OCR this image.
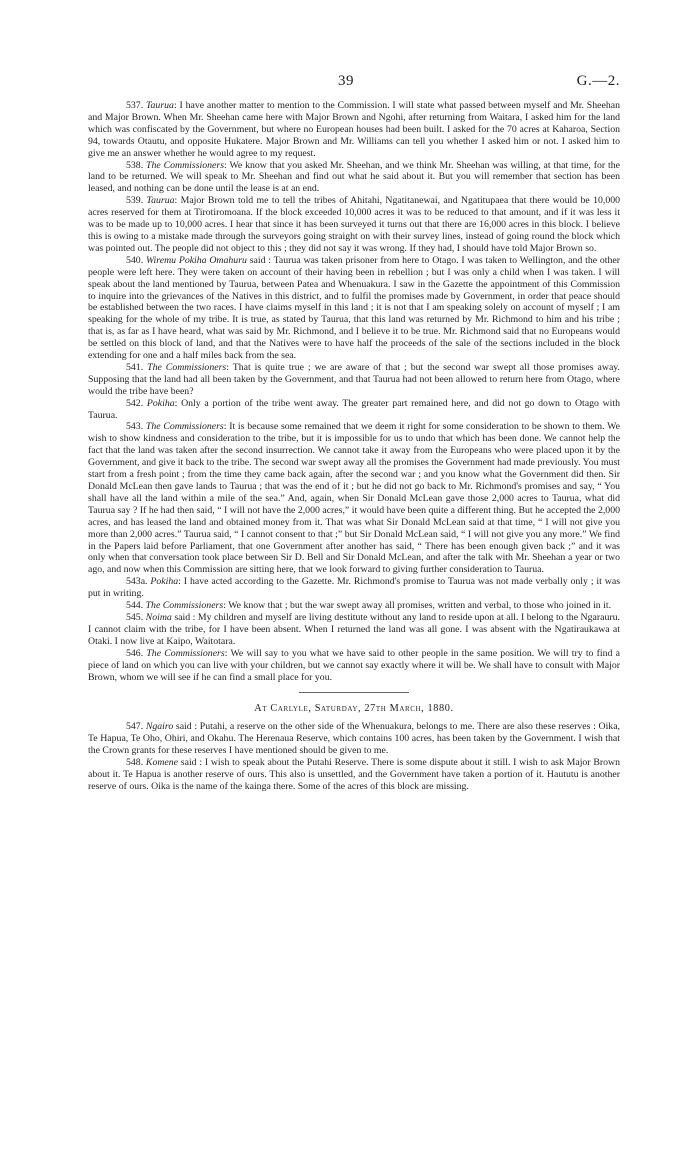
39	G.—2.

537. Taurua: I have another matter to mention to the Commission. I will state what passed between myself and Mr. Sheehan and Major Brown. When Mr. Sheehan came here with Major Brown and Ngohi, after returning from Waitara, I asked him for the land which was confiscated by the Government, but where no European houses had been built. I asked for the 70 acres at Kaharoa, Section 94, towards Otautu, and opposite Hukatere. Major Brown and Mr. Williams can tell you whether I asked him or not. I asked him to give me an answer whether he would agree to my request.

538. The Commissioners: We know that you asked Mr. Sheehan, and we think Mr. Sheehan was willing, at that time, for the land to be returned. We will speak to Mr. Sheehan and find out what he said about it. But you will remember that section has been leased, and nothing can be done until the lease is at an end.

539. Taurua: Major Brown told me to tell the tribes of Ahitahi, Ngatitanewai, and Ngatitupaea that there would be 10,000 acres reserved for them at Tirotiromoana. If the block exceeded 10,000 acres it was to be reduced to that amount, and if it was less it was to be made up to 10,000 acres. I hear that since it has been surveyed it turns out that there are 16,000 acres in this block. I believe this is owing to a mistake made through the surveyors going straight on with their survey lines, instead of going round the block which was pointed out. The people did not object to this ; they did not say it was wrong. If they had, I should have told Major Brown so.

540. Wiremu Pokiha Omahuru said : Taurua was taken prisoner from here to Otago. I was taken to Wellington, and the other people were left here. They were taken on account of their having been in rebellion ; but I was only a child when I was taken. I will speak about the land mentioned by Taurua, between Patea and Whenuakura. I saw in the Gazette the appointment of this Commission to inquire into the grievances of the Natives in this district, and to fulfil the promises made by Government, in order that peace should be established between the two races. I have claims myself in this land ; it is not that I am speaking solely on account of myself ; I am speaking for the whole of my tribe. It is true, as stated by Taurua, that this land was returned by Mr. Richmond to him and his tribe ; that is, as far as I have heard, what was said by Mr. Richmond, and I believe it to be true. Mr. Richmond said that no Europeans would be settled on this block of land, and that the Natives were to have half the proceeds of the sale of the sections included in the block extending for one and a half miles back from the sea.

541. The Commissioners: That is quite true ; we are aware of that ; but the second war swept all those promises away. Supposing that the land had all been taken by the Government, and that Taurua had not been allowed to return here from Otago, where would the tribe have been?

542. Pokiha: Only a portion of the tribe went away. The greater part remained here, and did not go down to Otago with Taurua.

543. The Commissioners: It is because some remained that we deem it right for some consideration to be shown to them. We wish to show kindness and consideration to the tribe, but it is impossible for us to undo that which has been done. We cannot help the fact that the land was taken after the second insurrection. We cannot take it away from the Europeans who were placed upon it by the Government, and give it back to the tribe. The second war swept away all the promises the Government had made previously. You must start from a fresh point ; from the time they came back again, after the second war ; and you know what the Government did then. Sir Donald McLean then gave lands to Taurua ; that was the end of it ; but he did not go back to Mr. Richmond's promises and say, “ You shall have all the land within a mile of the sea.” And, again, when Sir Donald McLean gave those 2,000 acres to Taurua, what did Taurua say ? If he had then said, “ I will not have the 2,000 acres,” it would have been quite a different thing. But he accepted the 2,000 acres, and has leased the land and obtained money from it. That was what Sir Donald McLean said at that time, “ I will not give you more than 2,000 acres.” Taurua said, “ I cannot consent to that ;” but Sir Donald McLean said, “ I will not give you any more.” We find in the Papers laid before Parliament, that one Government after another has said, “ There has been enough given back ;” and it was only when that conversation took place between Sir D. Bell and Sir Donald McLean, and after the talk with Mr. Sheehan a year or two ago, and now when this Commission are sitting here, that we look forward to giving further consideration to Taurua.

543a. Pokiha: I have acted according to the Gazette. Mr. Richmond's promise to Taurua was not made verbally only ; it was put in writing.

544. The Commissioners: We know that ; but the war swept away all promises, written and verbal, to those who joined in it.

545. Noima said : My children and myself are living destitute without any land to reside upon at all. I belong to the Ngarauru. I cannot claim with the tribe, for I have been absent. When I returned the land was all gone. I was absent with the Ngatiraukawa at Otaki. I now live at Kaipo, Waitotara.

546. The Commissioners: We will say to you what we have said to other people in the same position. We will try to find a piece of land on which you can live with your children, but we cannot say exactly where it will be. We shall have to consult with Major Brown, whom we will see if he can find a small place for you.

At Carlyle, Saturday, 27th March, 1880.

547. Ngairo said : Putahi, a reserve on the other side of the Whenuakura, belongs to me. There are also these reserves : Oika, Te Hapua, Te Oho, Ohiri, and Okahu. The Herenaua Reserve, which contains 100 acres, has been taken by the Government. I wish that the Crown grants for these reserves I have mentioned should be given to me.

548. Komene said : I wish to speak about the Putahi Reserve. There is some dispute about it still. I wish to ask Major Brown about it. Te Hapua is another reserve of ours. This also is unsettled, and the Government have taken a portion of it. Haututu is another reserve of ours. Oika is the name of the kainga there. Some of the acres of this block are missing.
